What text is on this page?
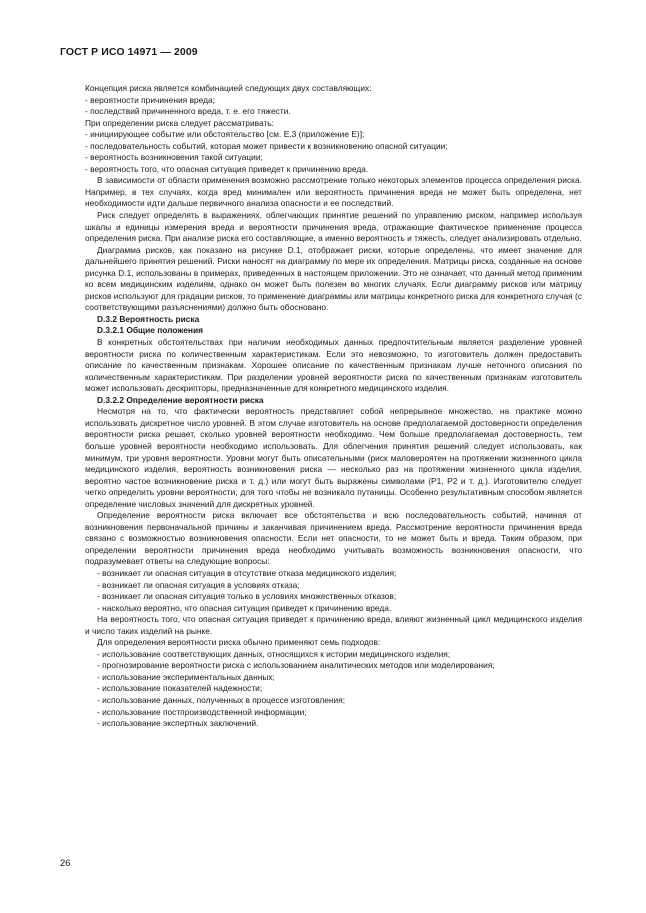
ГОСТ Р ИСО 14971 — 2009

Концепция риска является комбинацией следующих двух составляющих:

- вероятности причинения вреда;

- последствий причиненного вреда, т. е. его тяжести.

При определении риска следует рассматривать:

- инициирующее событие или обстоятельство [см. Е.3 (приложение Е)];

- последовательность событий, которая может привести к возникновению опасной ситуации;

- вероятность возникновения такой ситуации;

- вероятность того, что опасная ситуация приведет к причинению вреда.

В зависимости от области применения возможно рассмотрение только некоторых элементов процесса определения риска. Например, в тех случаях, когда вред минимален или вероятность причинения вреда не может быть определена, нет необходимости идти дальше первичного анализа опасности и ее последствий.

Риск следует определять в выражениях, облегчающих принятие решений по управлению риском, например используя шкалы и единицы измерения вреда и вероятности причинения вреда, отражающие фактическое применение процесса определения риска. При анализе риска его составляющие, а именно вероятность и тяжесть, следует анализировать отдельно.

Диаграмма рисков, как показано на рисунке D.1, отображает риски, которые определены, что имеет значение для дальнейшего принятия решений. Риски наносят на диаграмму по мере их определения. Матрицы риска, созданные на основе рисунка D.1, использованы в примерах, приведенных в настоящем приложении. Это не означает, что данный метод применим ко всем медицинским изделиям, однако он может быть полезен во многих случаях. Если диаграмму рисков или матрицу рисков используют для градации рисков, то применение диаграммы или матрицы конкретного риска для конкретного случая (с соответствующими разъяснениями) должно быть обосновано.

D.3.2 Вероятность риска

D.3.2.1 Общие положения

В конкретных обстоятельствах при наличии необходимых данных предпочтительным является разделение уровней вероятности риска по количественным характеристикам. Если это невозможно, то изготовитель должен предоставить описание по качественным признакам. Хорошее описание по качественным признакам лучше неточного описания по количественным характеристикам. При разделении уровней вероятности риска по качественным признакам изготовитель может использовать дескрипторы, предназначенные для конкретного медицинского изделия.

D.3.2.2 Определение вероятности риска

Несмотря на то, что фактически вероятность представляет собой непрерывное множество, на практике можно использовать дискретное число уровней. В этом случае изготовитель на основе предполагаемой достоверности определения вероятности риска решает, сколько уровней вероятности необходимо. Чем больше предполагаемая достоверность, тем больше уровней вероятности необходимо использовать. Для облегчения принятия решений следует использовать, как минимум, три уровня вероятности. Уровни могут быть описательными (риск маловероятен на протяжении жизненного цикла медицинского изделия, вероятность возникновения риска — несколько раз на протяжении жизненного цикла изделия, вероятно частое возникновение риска и т. д.) или могут быть выражены символами (Р1, Р2 и т. д.). Изготовителю следует четко определить уровни вероятности, для того чтобы не возникало путаницы. Особенно результативным способом является определение числовых значений для дискретных уровней.

Определение вероятности риска включает все обстоятельства и всю последовательность событий, начиная от возникновения первоначальной причины и заканчивая причинением вреда. Рассмотрение вероятности причинения вреда связано с возможностью возникновения опасности. Если нет опасности, то не может быть и вреда. Таким образом, при определении вероятности причинения вреда необходимо учитывать возможность возникновения опасности, что подразумевает ответы на следующие вопросы:

- возникает ли опасная ситуация в отсутствие отказа медицинского изделия;

- возникает ли опасная ситуация в условиях отказа;

- возникает ли опасная ситуация только в условиях множественных отказов;

- насколько вероятно, что опасная ситуация приведет к причинению вреда.

На вероятность того, что опасная ситуация приведет к причинению вреда, влияют жизненный цикл медицинского изделия и число таких изделий на рынке.

Для определения вероятности риска обычно применяют семь подходов:

- использование соответствующих данных, относящихся к истории медицинского изделия;

- прогнозирование вероятности риска с использованием аналитических методов или моделирования;

- использование экспериментальных данных;

- использование показателей надежности;

- использование данных, полученных в процессе изготовления;

- использование постпроизводственной информации;

- использование экспертных заключений.

26
